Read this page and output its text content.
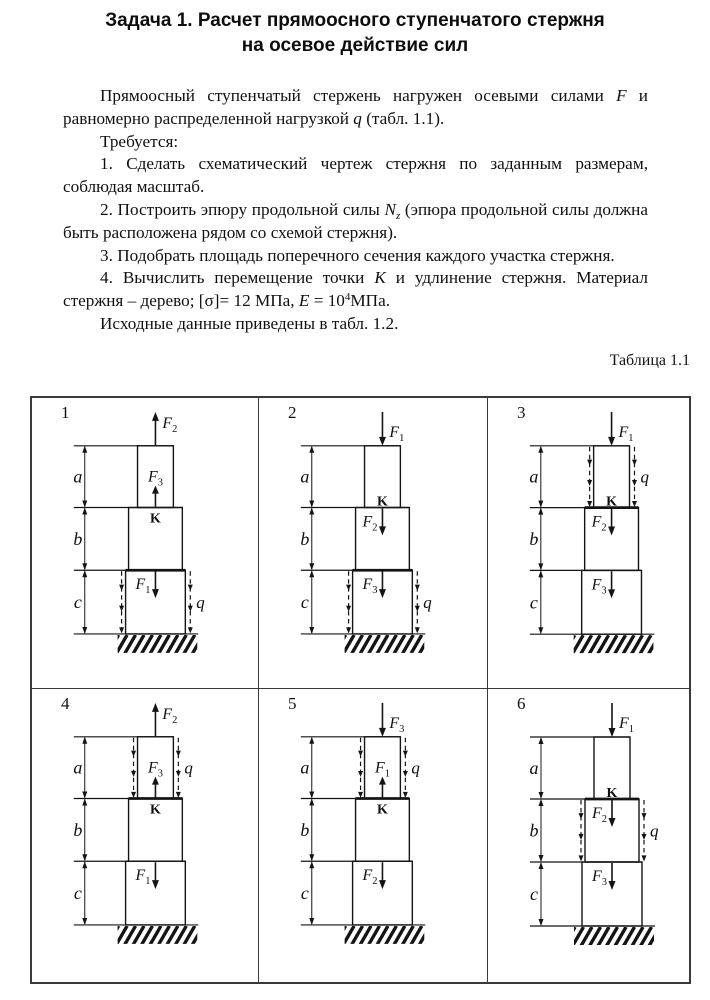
Задача 1. Расчет прямоосного ступенчатого стержня
на осевое действие сил

Прямоосный ступенчатый стержень нагружен осевыми силами F и равномерно распределенной нагрузкой q (табл. 1.1).

Требуется:

1. Сделать схематический чертеж стержня по заданным размерам, соблюдая масштаб.

2. Построить эпюру продольной силы $N_z$ (эпюра продольной силы должна быть расположена рядом со схемой стержня).

3. Подобрать площадь поперечного сечения каждого участка стержня.

4. Вычислить перемещение точки K и удлинение стержня. Материал стержня – дерево; [σ]= 12 МПа, $E = 10^4МПа$.

Исходные данные приведены в табл. 1.2.

Таблица 1.1
1
a
b
c	q
$F_2$
$F_3$
$F_1$
K
2
a
b
c	q
$F_1$
$F_2$
$F_3$
K
3
a
b
c
q
$F_1$
$F_2$
$F_3$
K
4
a
b
c
q
$F_2$
$F_3$
$F_1$
K
5
a
b
c
q
$F_3$
$F_1$
$F_2$
K
6
a
b
c
q
$F_1$
$F_2$
$F_3$
K
